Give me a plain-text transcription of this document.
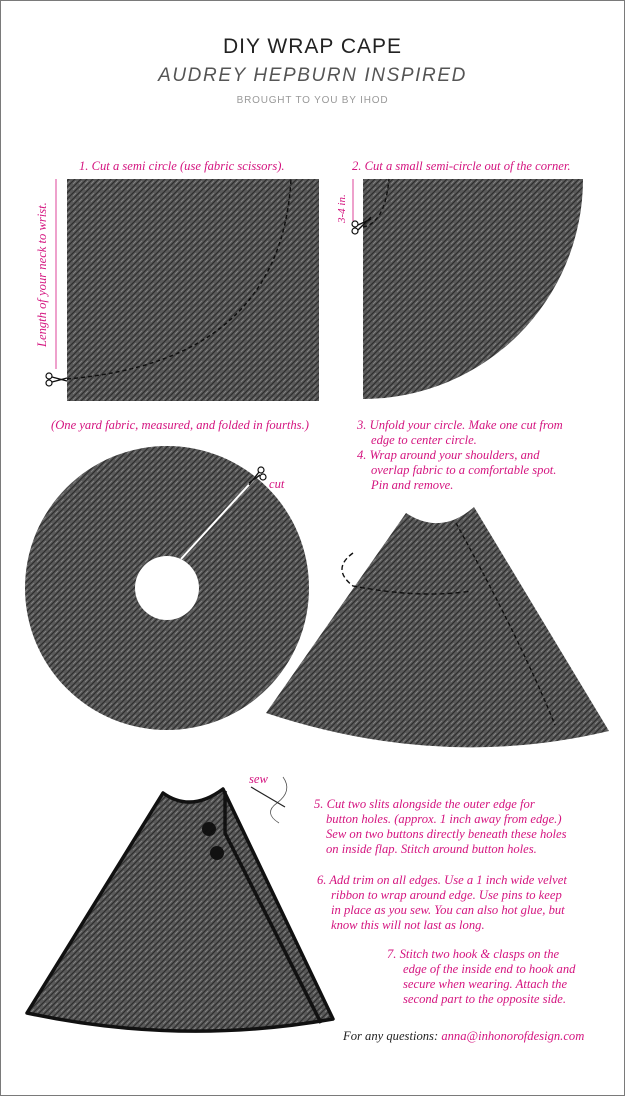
DIY WRAP CAPE
AUDREY HEPBURN INSPIRED
BROUGHT TO YOU BY IHOD
1. Cut a semi circle (use fabric scissors).	2. Cut a small semi-circle out of the corner.
Length of your neck to wrist.	3-4 in.
(One yard fabric, measured, and folded in fourths.)	3. Unfold your circle. Make one cut from
edge to center circle.
4. Wrap around your shoulders, and
overlap fabric to a comfortable spot.
Pin and remove.
cut
sew
5. Cut two slits alongside the outer edge for
button holes. (approx. 1 inch away from edge.)
Sew on two buttons directly beneath these holes
on inside flap. Stitch around button holes.
6. Add trim on all edges. Use a 1 inch wide velvet
ribbon to wrap around edge. Use pins to keep
in place as you sew. You can also hot glue, but
know this will not last as long.
7. Stitch two hook & clasps on the
edge of the inside end to hook and
secure when wearing. Attach the
second part to the opposite side.
For any questions: anna@inhonorofdesign.com
